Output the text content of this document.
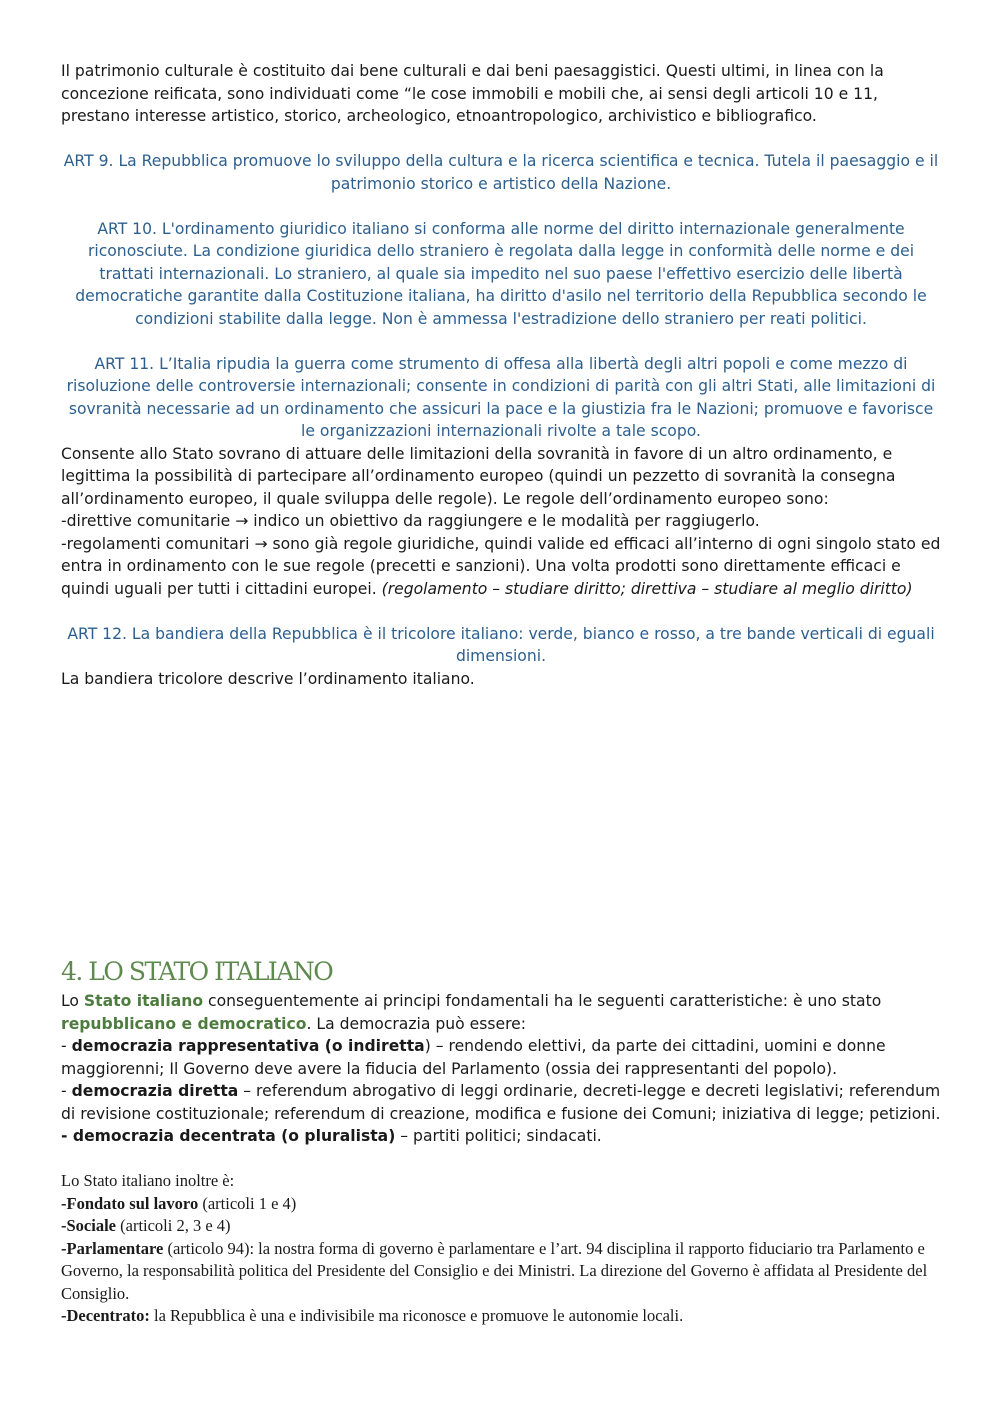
Il patrimonio culturale è costituito dai bene culturali e dai beni paesaggistici. Questi ultimi, in linea con la concezione reificata, sono individuati come “le cose immobili e mobili che, ai sensi degli articoli 10 e 11, prestano interesse artistico, storico, archeologico, etnoantropologico, archivistico e bibliografico.

ART 9. La Repubblica promuove lo sviluppo della cultura e la ricerca scientifica e tecnica. Tutela il paesaggio e il patrimonio storico e artistico della Nazione.

ART 10. L'ordinamento giuridico italiano si conforma alle norme del diritto internazionale generalmente riconosciute. La condizione giuridica dello straniero è regolata dalla legge in conformità delle norme e dei trattati internazionali. Lo straniero, al quale sia impedito nel suo paese l'effettivo esercizio delle libertà democratiche garantite dalla Costituzione italiana, ha diritto d'asilo nel territorio della Repubblica secondo le condizioni stabilite dalla legge. Non è ammessa l'estradizione dello straniero per reati politici.

ART 11. L’Italia ripudia la guerra come strumento di offesa alla libertà degli altri popoli e come mezzo di risoluzione delle controversie internazionali; consente in condizioni di parità con gli altri Stati, alle limitazioni di sovranità necessarie ad un ordinamento che assicuri la pace e la giustizia fra le Nazioni; promuove e favorisce le organizzazioni internazionali rivolte a tale scopo.

Consente allo Stato sovrano di attuare delle limitazioni della sovranità in favore di un altro ordinamento, e legittima la possibilità di partecipare all’ordinamento europeo (quindi un pezzetto di sovranità la consegna all’ordinamento europeo, il quale sviluppa delle regole). Le regole dell’ordinamento europeo sono:

-direttive comunitarie → indico un obiettivo da raggiungere e le modalità per raggiugerlo.

-regolamenti comunitari → sono già regole giuridiche, quindi valide ed efficaci all’interno di ogni singolo stato ed entra in ordinamento con le sue regole (precetti e sanzioni). Una volta prodotti sono direttamente efficaci e quindi uguali per tutti i cittadini europei. (regolamento – studiare diritto; direttiva – studiare al meglio diritto)

ART 12. La bandiera della Repubblica è il tricolore italiano: verde, bianco e rosso, a tre bande verticali di eguali dimensioni.

La bandiera tricolore descrive l’ordinamento italiano.

4. LO STATO ITALIANO

Lo Stato italiano conseguentemente ai principi fondamentali ha le seguenti caratteristiche: è uno stato repubblicano e democratico. La democrazia può essere:

- democrazia rappresentativa (o indiretta) – rendendo elettivi, da parte dei cittadini, uomini e donne maggiorenni; Il Governo deve avere la fiducia del Parlamento (ossia dei rappresentanti del popolo).

- democrazia diretta – referendum abrogativo di leggi ordinarie, decreti-legge e decreti legislativi; referendum di revisione costituzionale; referendum di creazione, modifica e fusione dei Comuni; iniziativa di legge; petizioni.

- democrazia decentrata (o pluralista) – partiti politici; sindacati.

Lo Stato italiano inoltre è:

-Fondato sul lavoro (articoli 1 e 4)

-Sociale (articoli 2, 3 e 4)

-Parlamentare (articolo 94): la nostra forma di governo è parlamentare e l’art. 94 disciplina il rapporto fiduciario tra Parlamento e Governo, la responsabilità politica del Presidente del Consiglio e dei Ministri. La direzione del Governo è affidata al Presidente del Consiglio.

-Decentrato: la Repubblica è una e indivisibile ma riconosce e promuove le autonomie locali.
